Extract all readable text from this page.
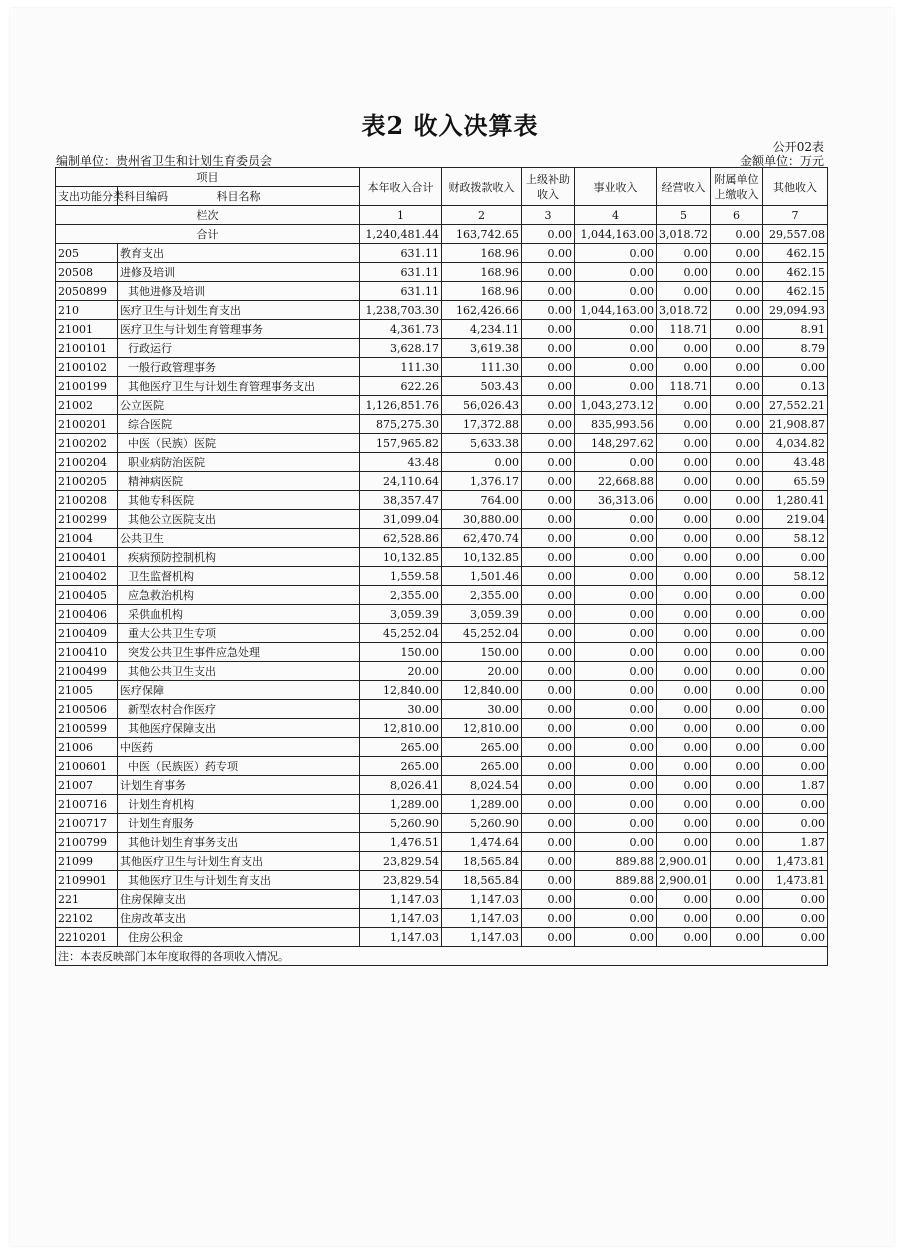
表2 收入决算表
公开02表
编制单位：贵州省卫生和计划生育委员会	金额单位：万元
项目		本年收入合计	财政拨款收入	上级补助收入	事业收入	经营收入	附属单位上缴收入	其他收入
支出功能分类科目编码	科目名称							
栏次		1	2	3	4	5	6	7
合计		1,240,481.44	163,742.65	0.00	1,044,163.00	3,018.72	0.00	29,557.08
205	教育支出	631.11	168.96	0.00	0.00	0.00	0.00	462.15
20508	进修及培训	631.11	168.96	0.00	0.00	0.00	0.00	462.15
2050899	其他进修及培训	631.11	168.96	0.00	0.00	0.00	0.00	462.15
210	医疗卫生与计划生育支出	1,238,703.30	162,426.66	0.00	1,044,163.00	3,018.72	0.00	29,094.93
21001	医疗卫生与计划生育管理事务	4,361.73	4,234.11	0.00	0.00	118.71	0.00	8.91
2100101	行政运行	3,628.17	3,619.38	0.00	0.00	0.00	0.00	8.79
2100102	一般行政管理事务	111.30	111.30	0.00	0.00	0.00	0.00	0.00
2100199	其他医疗卫生与计划生育管理事务支出	622.26	503.43	0.00	0.00	118.71	0.00	0.13
21002	公立医院	1,126,851.76	56,026.43	0.00	1,043,273.12	0.00	0.00	27,552.21
2100201	综合医院	875,275.30	17,372.88	0.00	835,993.56	0.00	0.00	21,908.87
2100202	中医（民族）医院	157,965.82	5,633.38	0.00	148,297.62	0.00	0.00	4,034.82
2100204	职业病防治医院	43.48	0.00	0.00	0.00	0.00	0.00	43.48
2100205	精神病医院	24,110.64	1,376.17	0.00	22,668.88	0.00	0.00	65.59
2100208	其他专科医院	38,357.47	764.00	0.00	36,313.06	0.00	0.00	1,280.41
2100299	其他公立医院支出	31,099.04	30,880.00	0.00	0.00	0.00	0.00	219.04
21004	公共卫生	62,528.86	62,470.74	0.00	0.00	0.00	0.00	58.12
2100401	疾病预防控制机构	10,132.85	10,132.85	0.00	0.00	0.00	0.00	0.00
2100402	卫生监督机构	1,559.58	1,501.46	0.00	0.00	0.00	0.00	58.12
2100405	应急救治机构	2,355.00	2,355.00	0.00	0.00	0.00	0.00	0.00
2100406	采供血机构	3,059.39	3,059.39	0.00	0.00	0.00	0.00	0.00
2100409	重大公共卫生专项	45,252.04	45,252.04	0.00	0.00	0.00	0.00	0.00
2100410	突发公共卫生事件应急处理	150.00	150.00	0.00	0.00	0.00	0.00	0.00
2100499	其他公共卫生支出	20.00	20.00	0.00	0.00	0.00	0.00	0.00
21005	医疗保障	12,840.00	12,840.00	0.00	0.00	0.00	0.00	0.00
2100506	新型农村合作医疗	30.00	30.00	0.00	0.00	0.00	0.00	0.00
2100599	其他医疗保障支出	12,810.00	12,810.00	0.00	0.00	0.00	0.00	0.00
21006	中医药	265.00	265.00	0.00	0.00	0.00	0.00	0.00
2100601	中医（民族医）药专项	265.00	265.00	0.00	0.00	0.00	0.00	0.00
21007	计划生育事务	8,026.41	8,024.54	0.00	0.00	0.00	0.00	1.87
2100716	计划生育机构	1,289.00	1,289.00	0.00	0.00	0.00	0.00	0.00
2100717	计划生育服务	5,260.90	5,260.90	0.00	0.00	0.00	0.00	0.00
2100799	其他计划生育事务支出	1,476.51	1,474.64	0.00	0.00	0.00	0.00	1.87
21099	其他医疗卫生与计划生育支出	23,829.54	18,565.84	0.00	889.88	2,900.01	0.00	1,473.81
2109901	其他医疗卫生与计划生育支出	23,829.54	18,565.84	0.00	889.88	2,900.01	0.00	1,473.81
221	住房保障支出	1,147.03	1,147.03	0.00	0.00	0.00	0.00	0.00
22102	住房改革支出	1,147.03	1,147.03	0.00	0.00	0.00	0.00	0.00
2210201	住房公积金	1,147.03	1,147.03	0.00	0.00	0.00	0.00	0.00
注：本表反映部门本年度取得的各项收入情况。								
